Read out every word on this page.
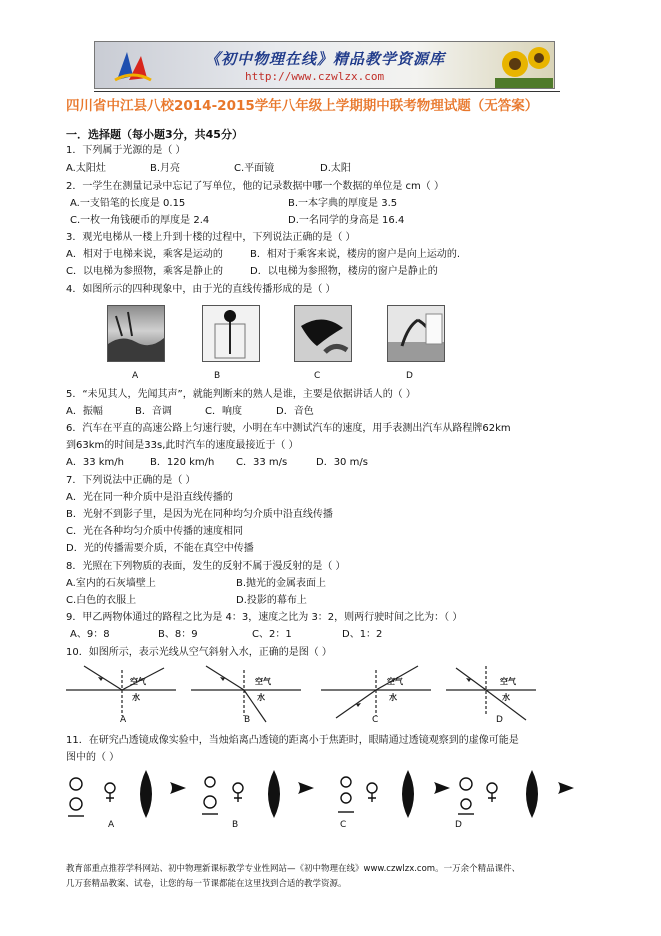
《初中物理在线》精品教学资源库
http://www.czwlzx.com
四川省中江县八校2014-2015学年八年级上学期期中联考物理试题（无答案）
一．选择题（每小题3分，共45分）
1．下列属于光源的是（ ）
A.太阳灶	B.月亮	C.平面镜	D.太阳
2．一学生在测量记录中忘记了写单位，他的记录数据中哪一个数据的单位是 cm（ ）
A.一支铅笔的长度是 0.15	B.一本字典的厚度是 3.5
C.一枚一角钱硬币的厚度是 2.4	D.一名同学的身高是 16.4
3．观光电梯从一楼上升到十楼的过程中，下列说法正确的是（ ）
A．相对于电梯来说，乘客是运动的	B．相对于乘客来说，楼房的窗户是向上运动的.
C．以电梯为参照物，乘客是静止的	D．以电梯为参照物，楼房的窗户是静止的
4．如图所示的四种现象中，由于光的直线传播形成的是（ ）
A	B	C	D
5．“未见其人，先闻其声”，就能判断来的熟人是谁，主要是依据讲话人的（ ）
A．振幅	B．音调	C．响度	D．音色
6．汽车在平直的高速公路上匀速行驶，小明在车中测试汽车的速度，用手表测出汽车从路程牌62km
到63km的时间是33s,此时汽车的速度最接近于（ ）
A．33 km/h	B．120 km/h C．33 m/s	D．30 m/s
7．下列说法中正确的是（ ）
A．光在同一种介质中是沿直线传播的
B．光射不到影子里，是因为光在同种均匀介质中沿直线传播
C．光在各种均匀介质中传播的速度相同
D．光的传播需要介质，不能在真空中传播
8．光照在下列物质的表面，发生的反射不属于漫反射的是（ ）
A.室内的石灰墙壁上	B.抛光的金属表面上
C.白色的衣服上	D.投影的幕布上
9．甲乙两物体通过的路程之比为是 4：3，速度之比为 3：2，则两行驶时间之比为：（ ）
A、9：8	B、8：9	C、2：1	D、1：2
10．如图所示，表示光线从空气斜射入水，正确的是图（ ）
空气
水
空气
水
空气
水
空气
水
A	B	C	D
11．在研究凸透镜成像实验中，当烛焰离凸透镜的距离小于焦距时，眼睛通过透镜观察到的虚像可能是
图中的（ ）
A	B	C	D
教育部重点推荐学科网站、初中物理新课标教学专业性网站—《初中物理在线》www.czwlzx.com。一万余个精品课件、
几万套精品教案、试卷，让您的每一节课都能在这里找到合适的教学资源。
